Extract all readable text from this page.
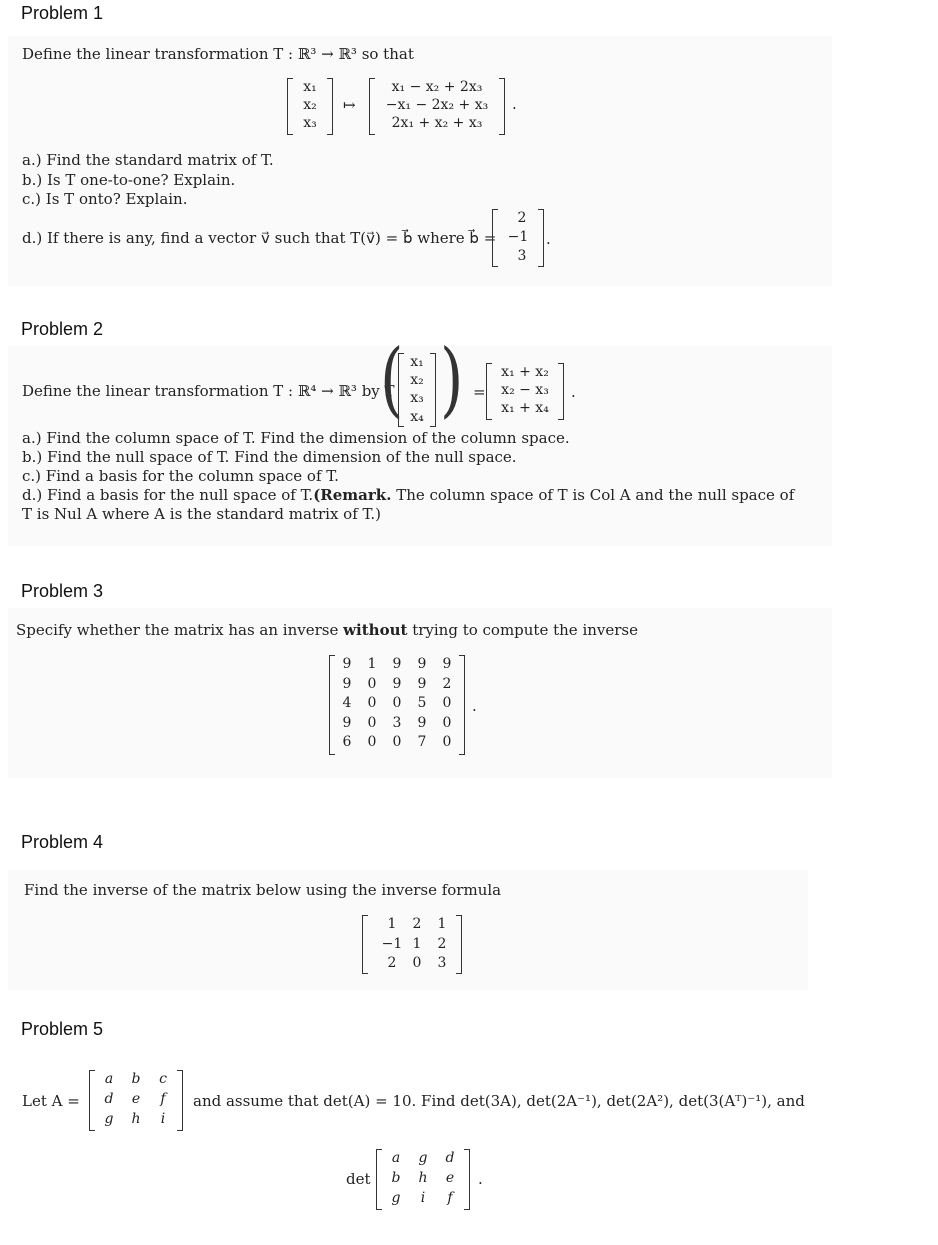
Problem 1
Define the linear transformation T : ℝ³ → ℝ³ so that
x₁
x₂
x₃
↦
x₁ − x₂ + 2x₃
−x₁ − 2x₂ + x₃
2x₁ + x₂ + x₃
.
a.) Find the standard matrix of T.
b.) Is T one-to-one? Explain.
c.) Is T onto? Explain.
d.) If there is any, find a vector v⃗ such that T(v⃗) = b⃗ where b⃗ =
2
−1
3
.
Problem 2
Define the linear transformation T : ℝ⁴ → ℝ³ by T
( x₁
x₂
x₃
x₄ ) =
x₁ + x₂
x₂ − x₃
x₁ + x₄
.
a.) Find the column space of T. Find the dimension of the column space.
b.) Find the null space of T. Find the dimension of the null space.
c.) Find a basis for the column space of T.
d.) Find a basis for the null space of T.(Remark. The column space of T is Col A and the null space of
T is Nul A where A is the standard matrix of T.)
Problem 3
Specify whether the matrix has an inverse without trying to compute the inverse
9	1	9	9	9
9	0	9	9	2
4	0	0	5	0
9	0	3	9	0
6	0	0	7	0
.
Problem 4
Find the inverse of the matrix below using the inverse formula
1	2	1
−1 1	2
2	0	3
Problem 5
Let A =
a	b	c
d	e	f
g	h	i
and assume that det(A) = 10. Find det(3A), det(2A⁻¹), det(2A²), det(3(Aᵀ)⁻¹), and
det
a	g	d
b	h	e
g	i	f
.
